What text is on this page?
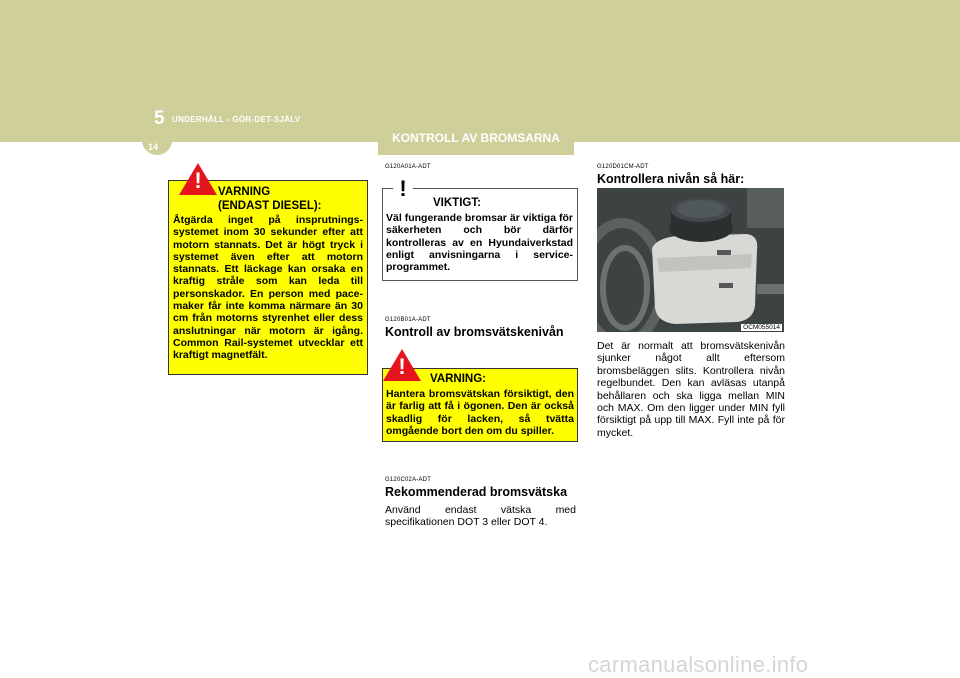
5 UNDERHÅLL - GÖR-DET-SJÄLV
14
KONTROLL AV BROMSARNA
!	VARNING
(ENDAST DIESEL):
Åtgärda inget på insprutnings-systemet inom 30 sekunder efter att motorn stannats. Det är högt tryck i systemet även efter att motorn stannats. Ett läckage kan orsaka en kraftig stråle som kan leda till personskador. En person med pace-maker får inte komma närmare än 30 cm från motorns styrenhet eller dess anslutningar när motorn är igång. Common Rail-systemet utvecklar ett kraftigt magnetfält.
G120A01A-ADT
!
VIKTIGT:
Väl fungerande bromsar är viktiga för säkerheten och bör därför kontrolleras av en Hyundaiverkstad enligt anvisningarna i service-programmet.
G120B01A-ADT
Kontroll av bromsvätskenivån
!	VARNING:
Hantera bromsvätskan försiktigt, den är farlig att få i ögonen. Den är också skadlig för lacken, så tvätta omgående bort den om du spiller.
G120C02A-ADT
Rekommenderad bromsvätska
Använd endast vätska med specifikationen DOT 3 eller DOT 4.
G120D01CM-ADT
Kontrollera nivån så här:
OCM055014
Det är normalt att bromsvätskenivån sjunker något allt eftersom bromsbeläggen slits. Kontrollera nivån regelbundet. Den kan avläsas utanpå behållaren och ska ligga mellan MIN och MAX. Om den ligger under MIN fyll försiktigt på upp till MAX. Fyll inte på för mycket.
carmanualsonline.info
